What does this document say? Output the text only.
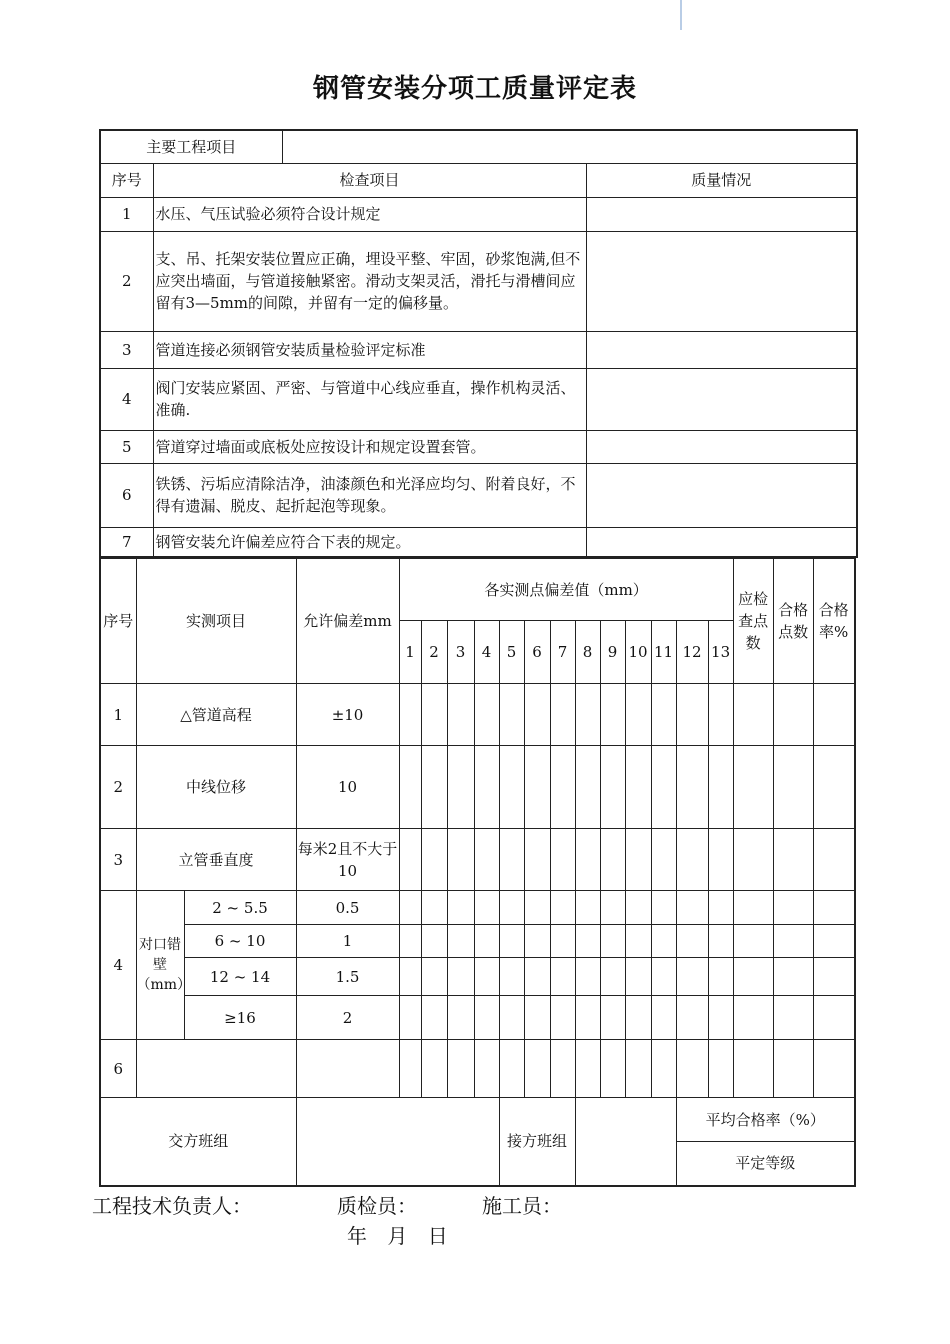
钢管安装分项工质量评定表
主要工程项目			
序号	检查项目		质量情况
1	水压、气压试验必须符合设计规定		
2	支、吊、托架安装位置应正确，埋设平整、牢固，砂浆饱满,但不应突出墙面，与管道接触紧密。滑动支架灵活，滑托与滑槽间应留有3—5mm的间隙，并留有一定的偏移量。		
3	管道连接必须钢管安装质量检验评定标准		
4	阀门安装应紧固、严密、与管道中心线应垂直，操作机构灵活、准确.		
5	管道穿过墙面或底板处应按设计和规定设置套管。		
6	铁锈、污垢应清除洁净，油漆颜色和光泽应均匀、附着良好，不得有遗漏、脱皮、起折起泡等现象。		
7	钢管安装允许偏差应符合下表的规定。		
序号	实测项目		允许偏差mm	各实测点偏差值（mm）													应检查点数	合格点数	合格率%	
				1	2	3	4	5	6	7	8	9	10	11	12	13				
1	△管道高程		±10																	
2	中线位移		10																	
3	立管垂直度		每米2且不大于10																	
4	对口错壁（mm）	2 ~ 5.5	0.5																	
		6 ~ 10	1																	
		12 ~ 14	1.5																	
		≥16	2																	
6																				
交方班组								接方班组							平均合格率（%）					
															平定等级					
工程技术负责人：	质检员：	施工员：
年 月 日
